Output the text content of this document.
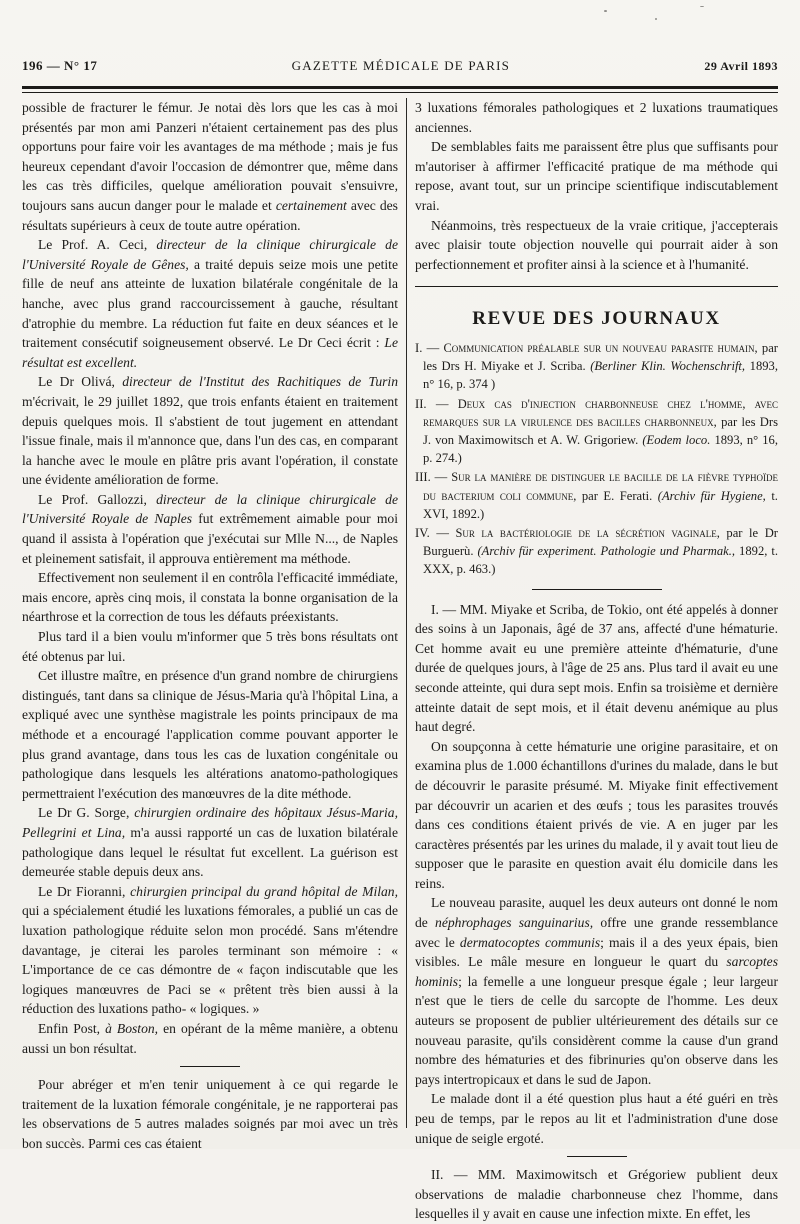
196 — N° 17	GAZETTE MÉDICALE DE PARIS	29 Avril 1893

possible de fracturer le fémur. Je notai dès lors que les cas à moi présentés par mon ami Panzeri n'étaient certainement pas des plus opportuns pour faire voir les avantages de ma méthode ; mais je fus heureux cependant d'avoir l'occasion de démontrer que, même dans les cas très difficiles, quelque amélioration pouvait s'ensuivre, toujours sans aucun danger pour le malade et certainement avec des résultats supérieurs à ceux de toute autre opération.

Le Prof. A. Ceci, directeur de la clinique chirurgicale de l'Université Royale de Gênes, a traité depuis seize mois une petite fille de neuf ans atteinte de luxation bilatérale congénitale de la hanche, avec plus grand raccourcissement à gauche, résultant d'atrophie du membre. La réduction fut faite en deux séances et le traitement consécutif soigneusement observé. Le Dr Ceci écrit : Le résultat est excellent.

Le Dr Olivá, directeur de l'Institut des Rachitiques de Turin m'écrivait, le 29 juillet 1892, que trois enfants étaient en traitement depuis quelques mois. Il s'abstient de tout jugement en attendant l'issue finale, mais il m'annonce que, dans l'un des cas, en comparant la hanche avec le moule en plâtre pris avant l'opération, il constate une évidente amélioration de forme.

Le Prof. Gallozzi, directeur de la clinique chirurgicale de l'Université Royale de Naples fut extrêmement aimable pour moi quand il assista à l'opération que j'exécutai sur Mlle N..., de Naples et pleinement satisfait, il approuva entièrement ma méthode.

Effectivement non seulement il en contrôla l'efficacité immédiate, mais encore, après cinq mois, il constata la bonne organisation de la néarthrose et la correction de tous les défauts préexistants.

Plus tard il a bien voulu m'informer que 5 très bons résultats ont été obtenus par lui.

Cet illustre maître, en présence d'un grand nombre de chirurgiens distingués, tant dans sa clinique de Jésus-Maria qu'à l'hôpital Lina, a expliqué avec une synthèse magistrale les points principaux de ma méthode et a encouragé l'application comme pouvant apporter le plus grand avantage, dans tous les cas de luxation congénitale ou pathologique dans lesquels les altérations anatomo-pathologiques permettraient l'exécution des manœuvres de la dite méthode.

Le Dr G. Sorge, chirurgien ordinaire des hôpitaux Jésus-Maria, Pellegrini et Lina, m'a aussi rapporté un cas de luxation bilatérale pathologique dans lequel le résultat fut excellent. La guérison est demeurée stable depuis deux ans.

Le Dr Fioranni, chirurgien principal du grand hôpital de Milan, qui a spécialement étudié les luxations fémorales, a publié un cas de luxation pathologique réduite selon mon procédé. Sans m'étendre davantage, je citerai les paroles terminant son mémoire : « L'importance de ce cas démontre de « façon indiscutable que les logiques manœuvres de Paci se « prêtent très bien aussi à la réduction des luxations patho- « logiques. »

Enfin Post, à Boston, en opérant de la même manière, a obtenu aussi un bon résultat.

Pour abréger et m'en tenir uniquement à ce qui regarde le traitement de la luxation fémorale congénitale, je ne rapporterai pas les observations de 5 autres malades soignés par moi avec un très bon succès. Parmi ces cas étaient

3 luxations fémorales pathologiques et 2 luxations traumatiques anciennes.

De semblables faits me paraissent être plus que suffisants pour m'autoriser à affirmer l'efficacité pratique de ma méthode qui repose, avant tout, sur un principe scientifique indiscutablement vrai.

Néanmoins, très respectueux de la vraie critique, j'accepterais avec plaisir toute objection nouvelle qui pourrait aider à son perfectionnement et profiter ainsi à la science et à l'humanité.

REVUE DES JOURNAUX
I. — Communication préalable sur un nouveau parasite humain, par les Drs H. Miyake et J. Scriba. (Berliner Klin. Wochenschrift, 1893, n° 16, p. 374 )
II. — Deux cas d'injection charbonneuse chez l'homme, avec remarques sur la virulence des bacilles charbonneux, par les Drs J. von Maximowitsch et A. W. Grigoriew. (Eodem loco. 1893, n° 16, p. 274.)
III. — Sur la manière de distinguer le bacille de la fièvre typhoïde du bacterium coli commune, par E. Ferati. (Archiv für Hygiene, t. XVI, 1892.)
IV. — Sur la bactériologie de la sécrétion vaginale, par le Dr Burguerù. (Archiv für experiment. Pathologie und Pharmak., 1892, t. XXX, p. 463.)

I. — MM. Miyake et Scriba, de Tokio, ont été appelés à donner des soins à un Japonais, âgé de 37 ans, affecté d'une hématurie. Cet homme avait eu une première atteinte d'hématurie, d'une durée de quelques jours, à l'âge de 25 ans. Plus tard il avait eu une seconde atteinte, qui dura sept mois. Enfin sa troisième et dernière atteinte datait de sept mois, et il était devenu anémique au plus haut degré.

On soupçonna à cette hématurie une origine parasitaire, et on examina plus de 1.000 échantillons d'urines du malade, dans le but de découvrir le parasite présumé. M. Miyake finit effectivement par découvrir un acarien et des œufs ; tous les parasites trouvés dans ces conditions étaient privés de vie. A en juger par les caractères présentés par les urines du malade, il y avait tout lieu de supposer que le parasite en question avait élu domicile dans les reins.

Le nouveau parasite, auquel les deux auteurs ont donné le nom de néphrophages sanguinarius, offre une grande ressemblance avec le dermatocoptes communis; mais il a des yeux épais, bien visibles. Le mâle mesure en longueur le quart du sarcoptes hominis; la femelle a une longueur presque égale ; leur largeur n'est que le tiers de celle du sarcopte de l'homme. Les deux auteurs se proposent de publier ultérieurement des détails sur ce nouveau parasite, qu'ils considèrent comme la cause d'un grand nombre des hématuries et des fibrinuries qu'on observe dans les pays intertropicaux et dans le sud de Japon.

Le malade dont il a été question plus haut a été guéri en très peu de temps, par le repos au lit et l'administration d'une dose unique de seigle ergoté.

II. — MM. Maximowitsch et Grégoriew publient deux observations de maladie charbonneuse chez l'homme, dans lesquelles il y avait en cause une infection mixte. En effet, les
